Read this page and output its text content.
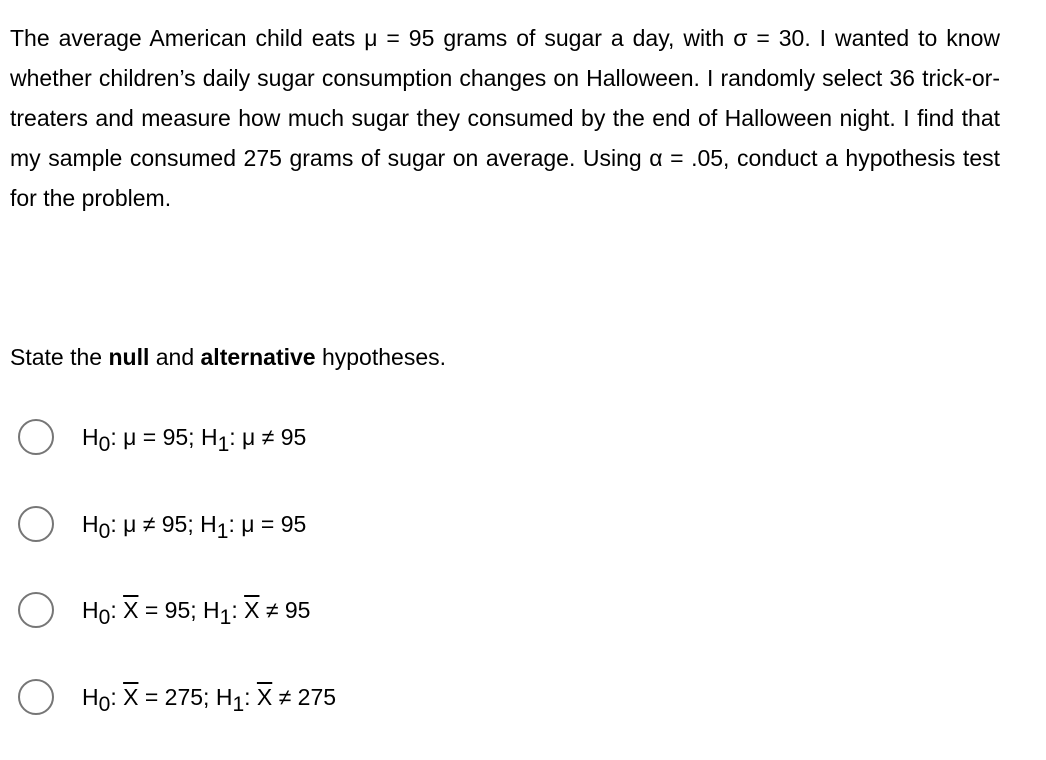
The average American child eats μ = 95 grams of sugar a day, with σ = 30. I wanted to know whether children’s daily sugar consumption changes on Halloween. I randomly select 36 trick-or-treaters and measure how much sugar they consumed by the end of Halloween night. I find that my sample consumed 275 grams of sugar on average. Using α = .05, conduct a hypothesis test for the problem.
State the null and alternative hypotheses.
H0: μ = 95; H1: μ ≠ 95
H0: μ ≠ 95; H1: μ = 95
H0: $\overline{X} = 95$; H1: $\overline{X} \ne 95$
H0: $\overline{X} = 275$; H1: $\overline{X} \ne 275$
